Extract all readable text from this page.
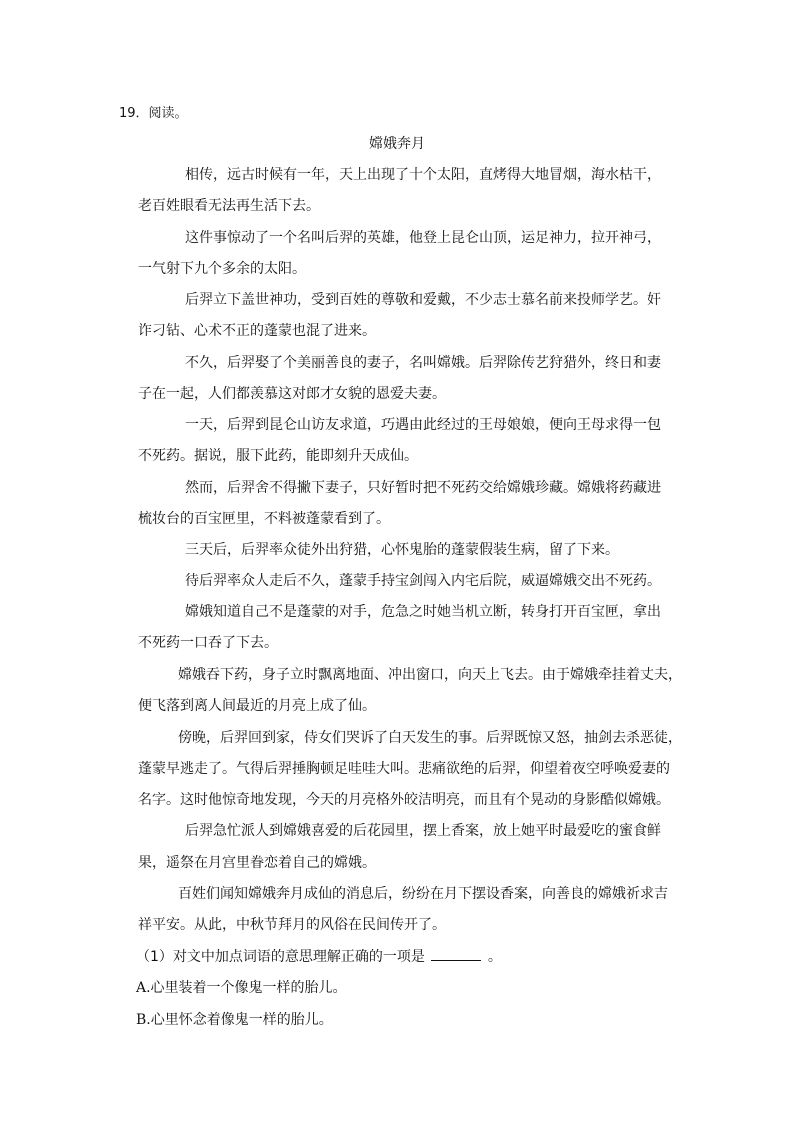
19．阅读。
嫦娥奔月
相传，远古时候有一年，天上出现了十个太阳，直烤得大地冒烟，海水枯干，
老百姓眼看无法再生活下去。
这件事惊动了一个名叫后羿的英雄，他登上昆仑山顶，运足神力，拉开神弓，
一气射下九个多余的太阳。
后羿立下盖世神功，受到百姓的尊敬和爱戴，不少志士慕名前来投师学艺。奸
诈刁钻、心术不正的蓬蒙也混了进来。
不久，后羿娶了个美丽善良的妻子，名叫嫦娥。后羿除传艺狩猎外，终日和妻
子在一起，人们都羡慕这对郎才女貌的恩爱夫妻。
一天，后羿到昆仑山访友求道，巧遇由此经过的王母娘娘，便向王母求得一包
不死药。据说，服下此药，能即刻升天成仙。
然而，后羿舍不得撇下妻子，只好暂时把不死药交给嫦娥珍藏。嫦娥将药藏进
梳妆台的百宝匣里，不料被蓬蒙看到了。
三天后，后羿率众徒外出狩猎，心怀鬼胎的蓬蒙假装生病，留了下来。
待后羿率众人走后不久，蓬蒙手持宝剑闯入内宅后院，威逼嫦娥交出不死药。
嫦娥知道自己不是蓬蒙的对手，危急之时她当机立断，转身打开百宝匣，拿出
不死药一口吞了下去。
嫦娥吞下药，身子立时飘离地面、冲出窗口，向天上飞去。由于嫦娥牵挂着丈夫，
便飞落到离人间最近的月亮上成了仙。
傍晚，后羿回到家，侍女们哭诉了白天发生的事。后羿既惊又怒，抽剑去杀恶徒，
蓬蒙早逃走了。气得后羿捶胸顿足哇哇大叫。悲痛欲绝的后羿，仰望着夜空呼唤爱妻的
名字。这时他惊奇地发现，今天的月亮格外皎洁明亮，而且有个晃动的身影酷似嫦娥。
后羿急忙派人到嫦娥喜爱的后花园里，摆上香案，放上她平时最爱吃的蜜食鲜
果，遥祭在月宫里眷恋着自己的嫦娥。
百姓们闻知嫦娥奔月成仙的消息后，纷纷在月下摆设香案，向善良的嫦娥祈求吉
祥平安。从此，中秋节拜月的风俗在民间传开了。
（1）对文中加点词语的意思理解正确的一项是	。
A.心里装着一个像鬼一样的胎儿。
B.心里怀念着像鬼一样的胎儿。
